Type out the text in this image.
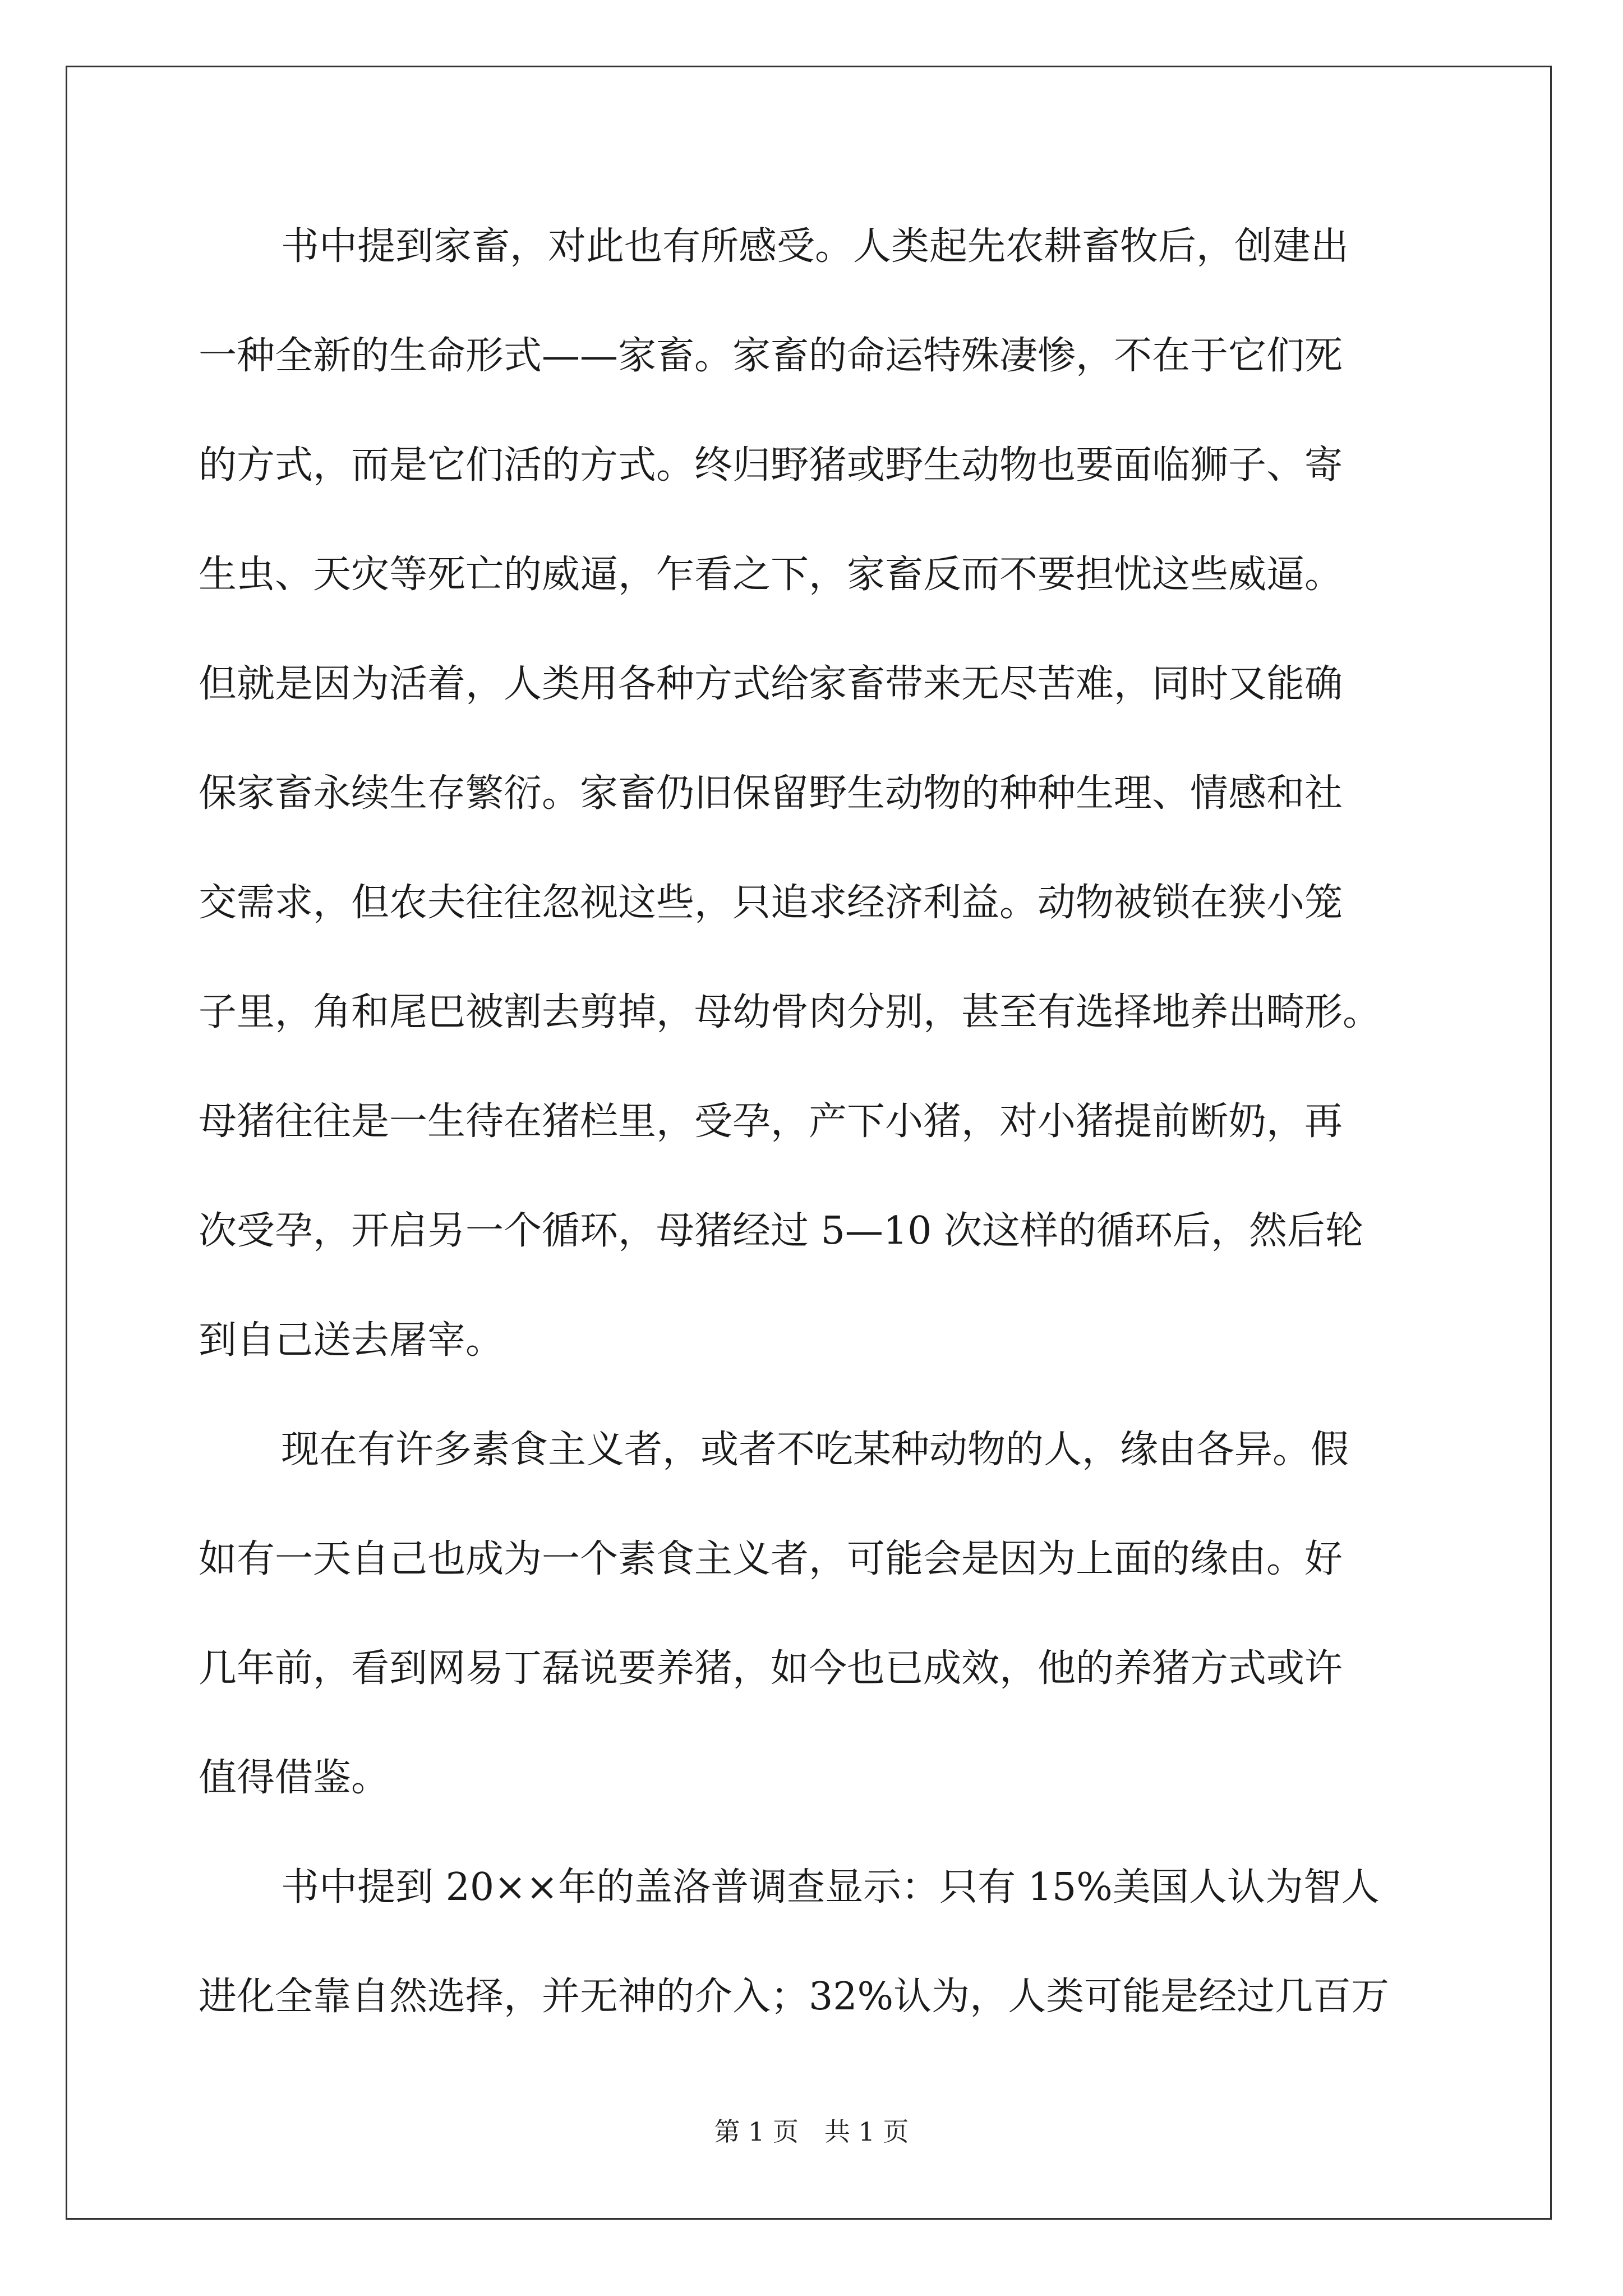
书中提到家畜，对此也有所感受。人类起先农耕畜牧后，创建出
一种全新的生命形式——家畜。家畜的命运特殊凄惨，不在于它们死
的方式，而是它们活的方式。终归野猪或野生动物也要面临狮子、寄
生虫、天灾等死亡的威逼，乍看之下，家畜反而不要担忧这些威逼。
但就是因为活着，人类用各种方式给家畜带来无尽苦难，同时又能确
保家畜永续生存繁衍。家畜仍旧保留野生动物的种种生理、情感和社
交需求，但农夫往往忽视这些，只追求经济利益。动物被锁在狭小笼
子里，角和尾巴被割去剪掉，母幼骨肉分别，甚至有选择地养出畸形。
母猪往往是一生待在猪栏里，受孕，产下小猪，对小猪提前断奶，再
次受孕，开启另一个循环，母猪经过 5—10 次这样的循环后，然后轮
到自己送去屠宰。
现在有许多素食主义者，或者不吃某种动物的人，缘由各异。假
如有一天自己也成为一个素食主义者，可能会是因为上面的缘由。好
几年前，看到网易丁磊说要养猪，如今也已成效，他的养猪方式或许
值得借鉴。
书中提到 20××年的盖洛普调查显示：只有 15%美国人认为智人
进化全靠自然选择，并无神的介入；32%认为，人类可能是经过几百万
第 1 页　共 1 页
